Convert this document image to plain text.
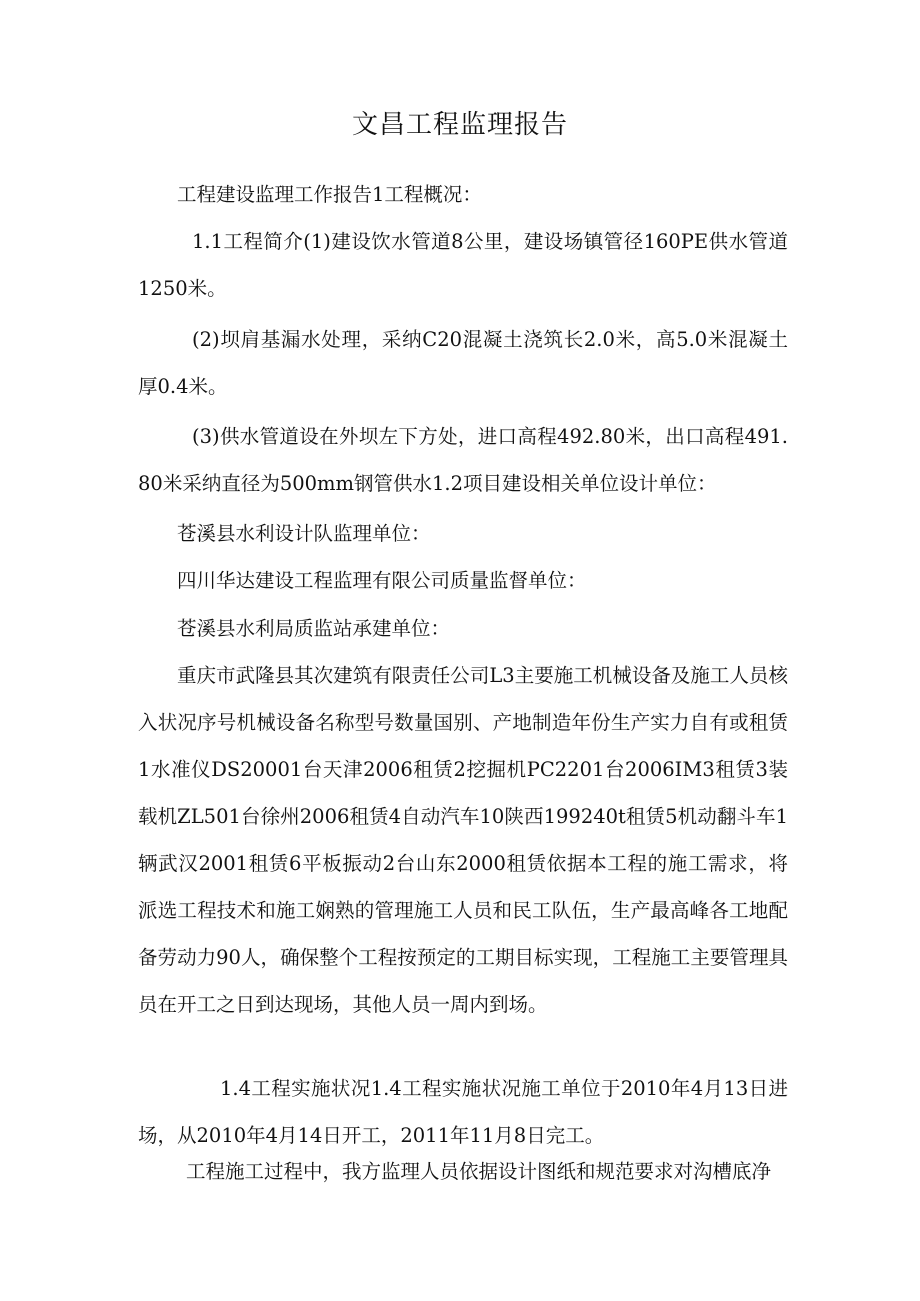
文昌工程监理报告

工程建设监理工作报告1工程概况：

1.1工程简介(1)建设饮水管道8公里，建设场镇管径160PE供水管道1250米。

(2)坝肩基漏水处理，采纳C20混凝土浇筑长2.0米，高5.0米混凝土厚0.4米。

(3)供水管道设在外坝左下方处，进口高程492.80米，出口高程491.80米采纳直径为500mm钢管供水1.2项目建设相关单位设计单位：

苍溪县水利设计队监理单位：

四川华达建设工程监理有限公司质量监督单位：

苍溪县水利局质监站承建单位：

重庆市武隆县其次建筑有限责任公司L3主要施工机械设备及施工人员核入状况序号机械设备名称型号数量国别、产地制造年份生产实力自有或租赁1水准仪DS20001台天津2006租赁2挖掘机PC2201台2006IM3租赁3装载机ZL501台徐州2006租赁4自动汽车10陕西199240t租赁5机动翻斗车1辆武汉2001租赁6平板振动2台山东2000租赁依据本工程的施工需求，将派选工程技术和施工娴熟的管理施工人员和民工队伍，生产最高峰各工地配备劳动力90人，确保整个工程按预定的工期目标实现，工程施工主要管理具员在开工之日到达现场，其他人员一周内到场。

1.4工程实施状况1.4工程实施状况施工单位于2010年4月13日进场，从2010年4月14日开工，2011年11月8日完工。

工程施工过程中，我方监理人员依据设计图纸和规范要求对沟槽底净
